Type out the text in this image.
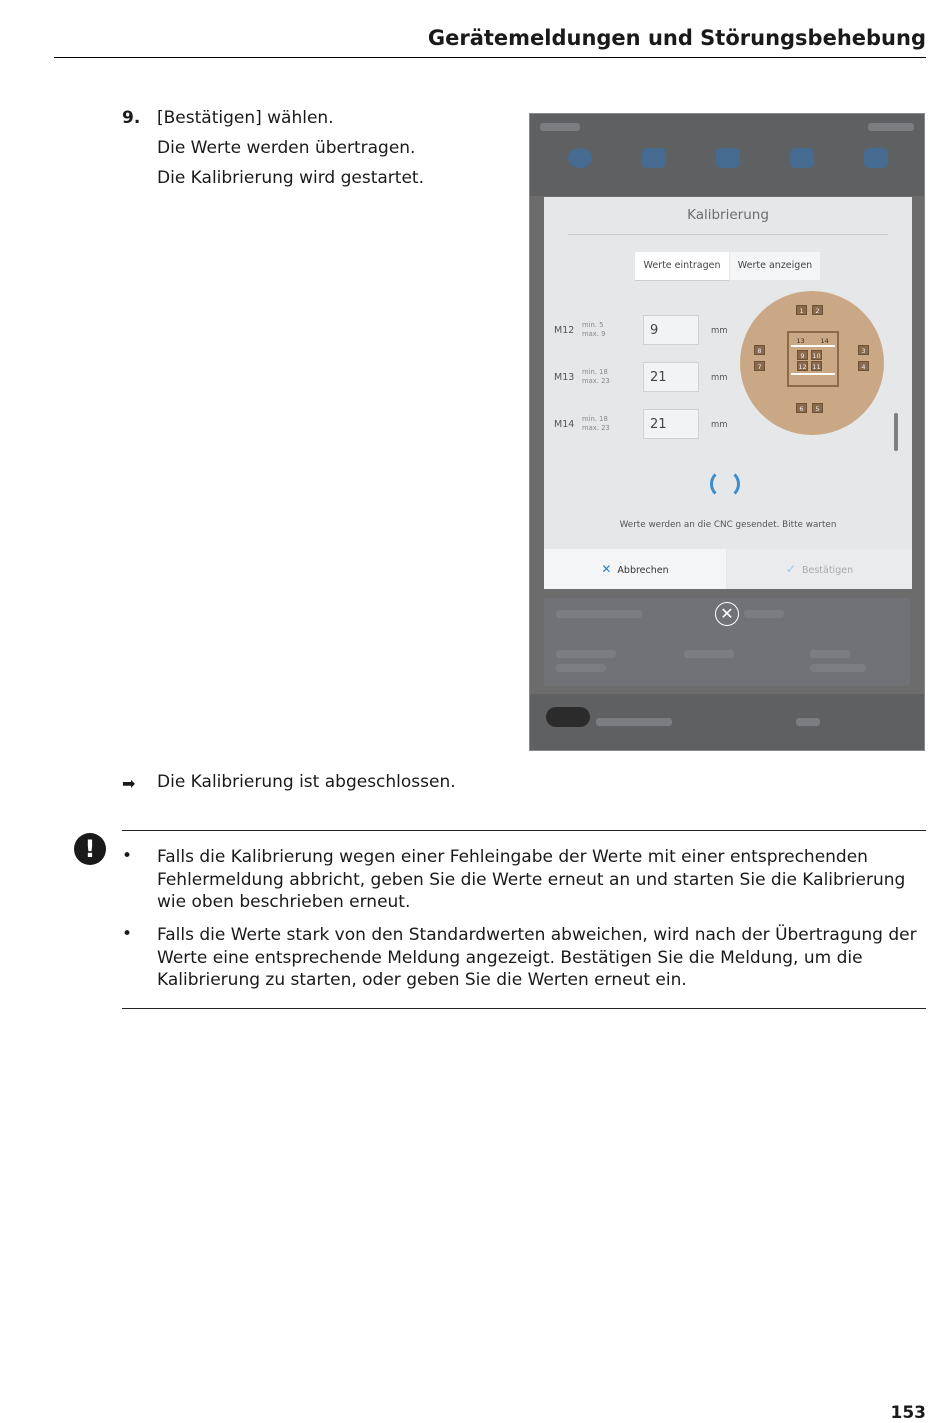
Gerätemeldungen und Störungsbehebung
9. [Bestätigen] wählen.
Die Werte werden übertragen.
Die Kalibrierung wird gestartet.
Kalibrierung
Werte eintragen	Werte anzeigen
M12 min. 5
max. 9	9	mm
M13 min. 18
max. 23	21	mm
M14 min. 18
max. 23	21	mm
1	2
8
7
3
4
6	5
13 14
9	10
12 11
Werte werden an die CNC gesendet. Bitte warten
✕ Abbrechen	✓ Bestätigen
✕
➡ Die Kalibrierung ist abgeschlossen.
!	• Falls die Kalibrierung wegen einer Fehleingabe der Werte mit einer entsprechenden Fehlermeldung abbricht, geben Sie die Werte erneut an und starten Sie die Kalibrierung wie oben beschrieben erneut.
• Falls die Werte stark von den Standardwerten abweichen, wird nach der Übertragung der Werte eine entsprechende Meldung angezeigt. Bestätigen Sie die Meldung, um die Kalibrierung zu starten, oder geben Sie die Werten erneut ein.
153
